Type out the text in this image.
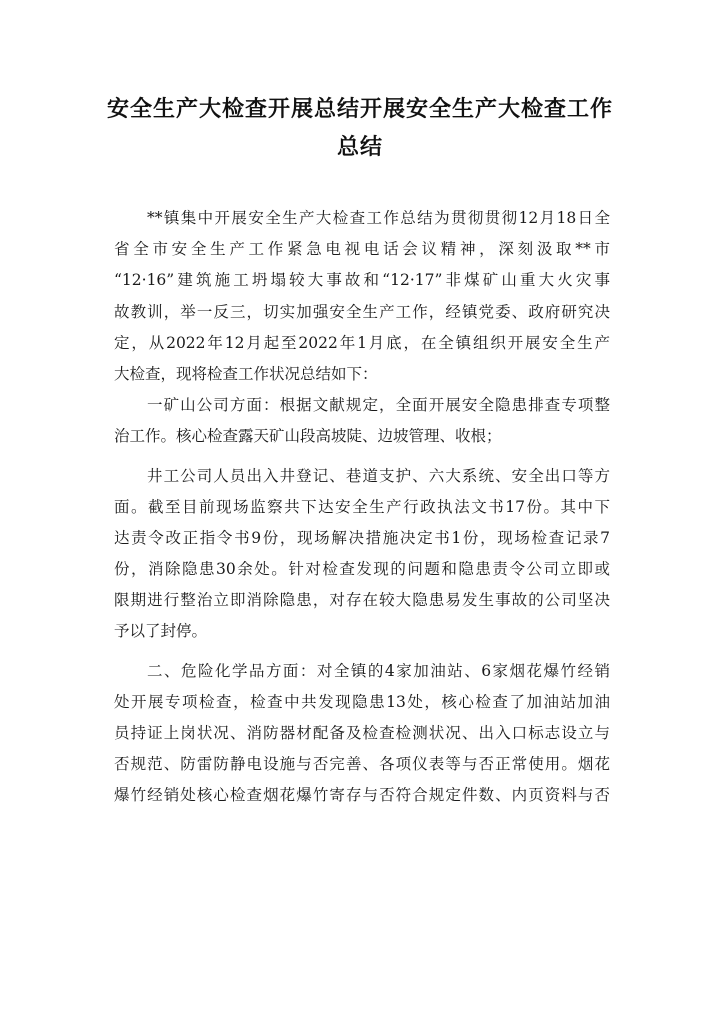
安全生产大检查开展总结开展安全生产大检查工作
总结
**镇集中开展安全生产大检查工作总结为贯彻贯彻12月18日全
省全市安全生产工作紧急电视电话会议精神，深刻汲取**市
“12·16”建筑施工坍塌较大事故和“12·17”非煤矿山重大火灾事
故教训，举一反三，切实加强安全生产工作，经镇党委、政府研究决
定，从2022年12月起至2022年1月底，在全镇组织开展安全生产
大检查，现将检查工作状况总结如下：
一矿山公司方面：根据文献规定，全面开展安全隐患排查专项整
治工作。核心检查露天矿山段高坡陡、边坡管理、收根；
井工公司人员出入井登记、巷道支护、六大系统、安全出口等方
面。截至目前现场监察共下达安全生产行政执法文书17份。其中下
达责令改正指令书9份，现场解决措施决定书1份，现场检查记录7
份，消除隐患30余处。针对检查发现的问题和隐患责令公司立即或
限期进行整治立即消除隐患，对存在较大隐患易发生事故的公司坚决
予以了封停。
二、危险化学品方面：对全镇的4家加油站、6家烟花爆竹经销
处开展专项检查，检查中共发现隐患13处，核心检查了加油站加油
员持证上岗状况、消防器材配备及检查检测状况、出入口标志设立与
否规范、防雷防静电设施与否完善、各项仪表等与否正常使用。烟花
爆竹经销处核心检查烟花爆竹寄存与否符合规定件数、内页资料与否
